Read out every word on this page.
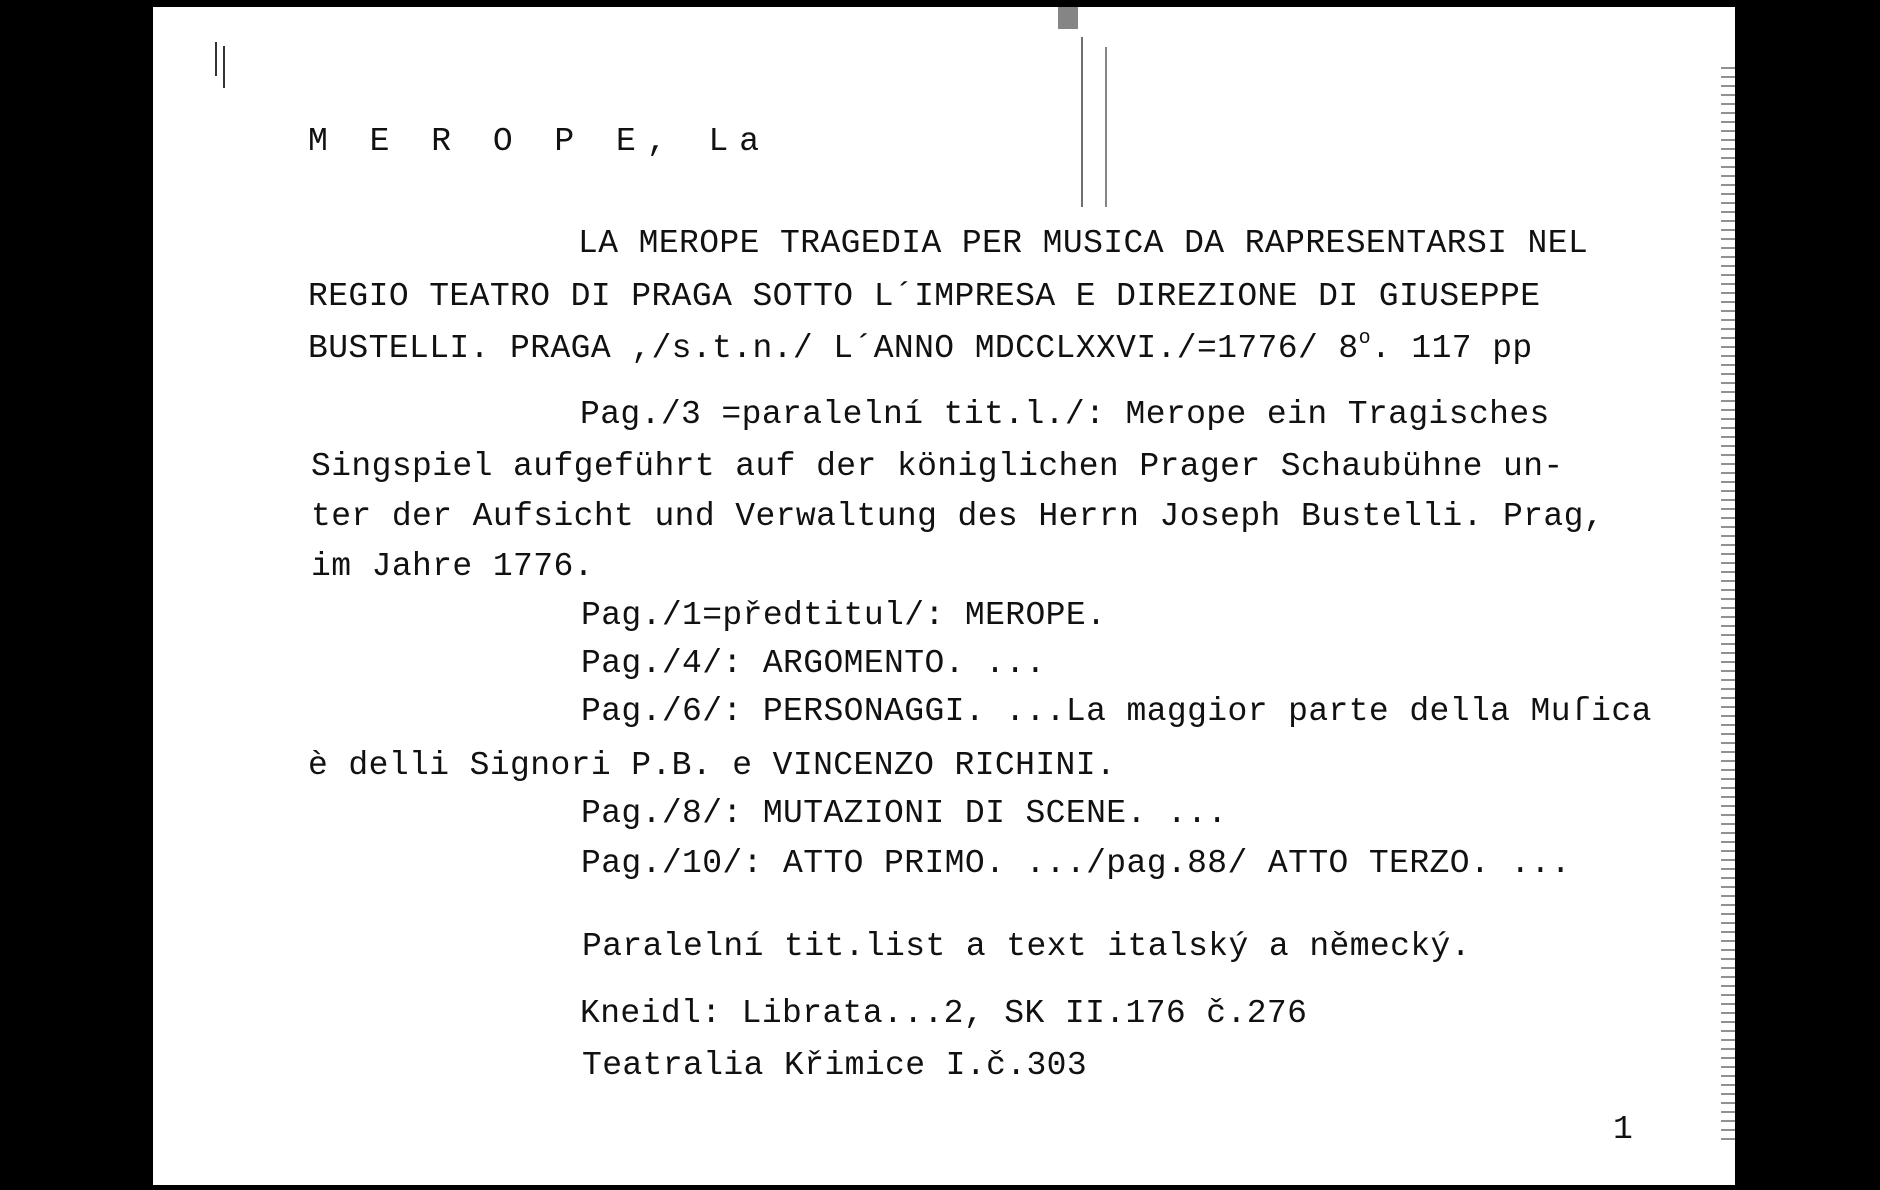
M E R O P E, La
LA MEROPE TRAGEDIA PER MUSICA DA RAPRESENTARSI NEL
REGIO TEATRO DI PRAGA SOTTO L´IMPRESA E DIREZIONE DI GIUSEPPE
BUSTELLI. PRAGA ,/s.t.n./ L´ANNO MDCCLXXVI./=1776/ 8$^o$. 117 pp
Pag./3 =paralelní tit.l./: Merope ein Tragisches
Singspiel aufgeführt auf der königlichen Prager Schaubühne un-
ter der Aufsicht und Verwaltung des Herrn Joseph Bustelli. Prag,
im Jahre 1776.
Pag./1=předtitul/: MEROPE.
Pag./4/: ARGOMENTO. ...
Pag./6/: PERSONAGGI. ...La maggior parte della Muſica
è delli Signori P.B. e VINCENZO RICHINI.
Pag./8/: MUTAZIONI DI SCENE. ...
Pag./10/: ATTO PRIMO. .../pag.88/ ATTO TERZO. ...
Paralelní tit.list a text italský a německý.
Kneidl: Librata...2, SK II.176 č.276
Teatralia Křimice I.č.303
1
